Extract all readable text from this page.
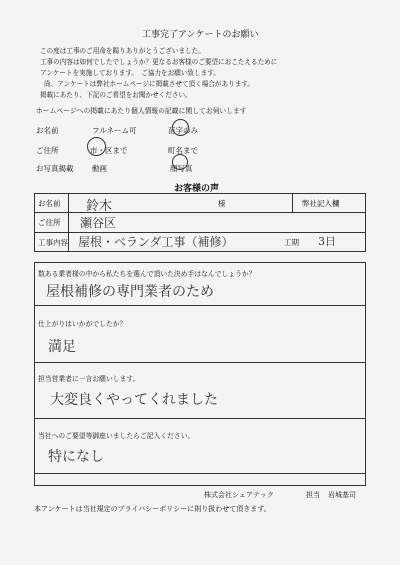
工事完了アンケートのお願い
この度は工事のご用命を賜りありがとうございました。
工事の内容は如何でしたでしょうか？更なるお客様のご要望におこたえるために
アンケートを実施しております。　ご協力をお願い致します。
尚、アンケートは弊社ホームページに掲載させて頂く場合があります。
掲載にあたり、下記のご希望をお聞かせください。
ホームページへの掲載にあたり個人情報の記載に関してお伺いします
お名前	フルネーム可	苗字のみ
ご住所	市・区まで	町名まで
お写真掲載 動画	顔写真
お客様の声
お名前 鈴木	様	弊社記入欄
ご住所 瀬谷区
工事内容 屋根・ベランダ工事（補修）	工期 3日
数ある業者様の中から私たちを選んで頂いた決め手はなんでしょうか？
屋根補修の専門業者のため
仕上がりはいかがでしたか？
満足
担当営業者に一言お願いします。
大変良くやってくれました
当社へのご要望等御座いましたらご記入ください。
特になし
株式会社シェアテック	担当 岩城基司
本アンケートは当社規定のプライバシーポリシーに則り扱わせて頂きます。
